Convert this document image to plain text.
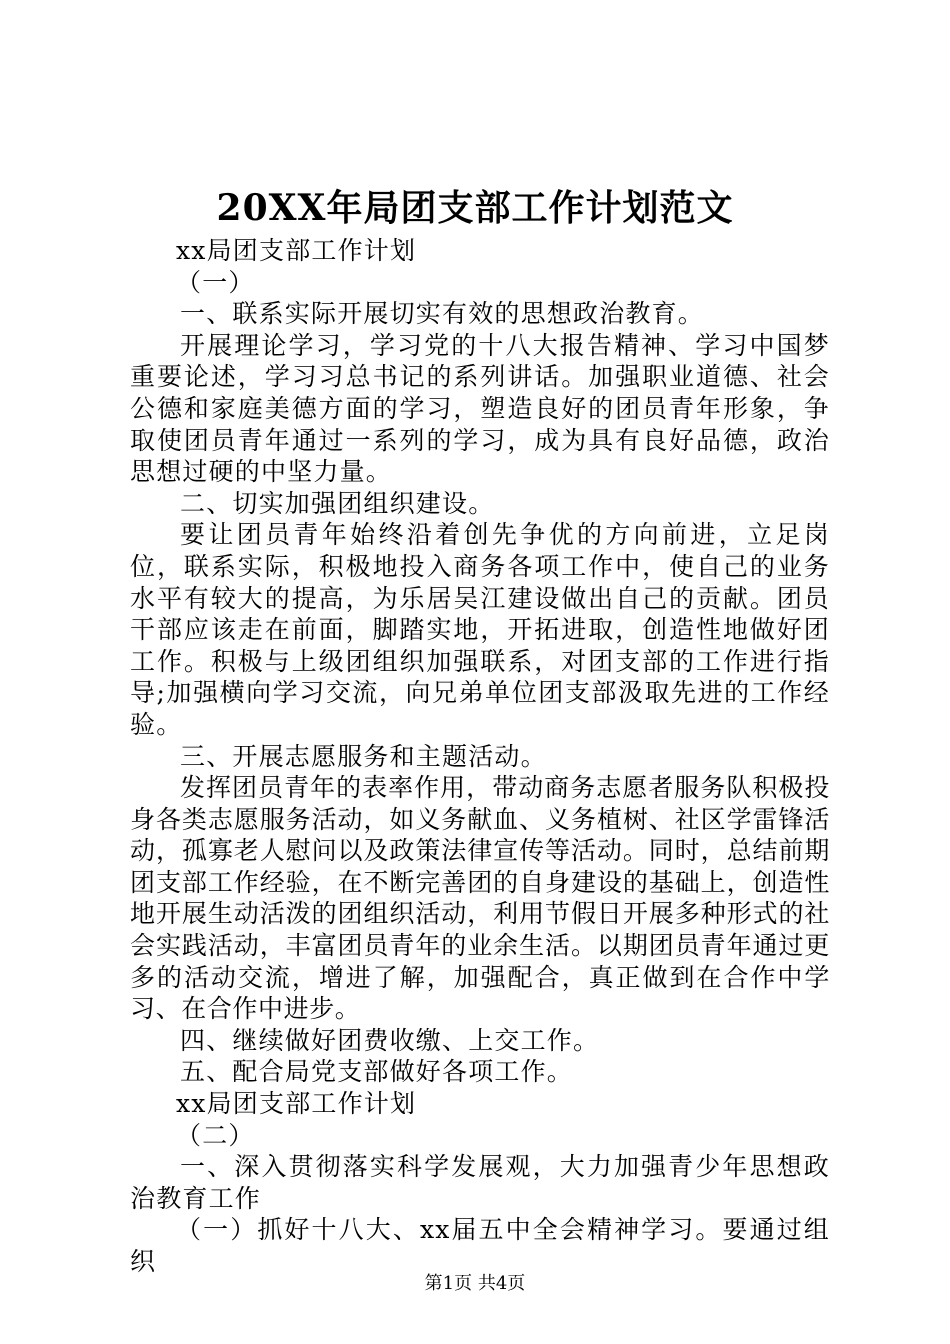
20XX年局团支部工作计划范文

xx局团支部工作计划

（一）

一、联系实际开展切实有效的思想政治教育。

开展理论学习，学习党的十八大报告精神、学习中国梦重要论述，学习习总书记的系列讲话。加强职业道德、社会公德和家庭美德方面的学习，塑造良好的团员青年形象，争取使团员青年通过一系列的学习，成为具有良好品德，政治思想过硬的中坚力量。

二、切实加强团组织建设。

要让团员青年始终沿着创先争优的方向前进，立足岗位，联系实际，积极地投入商务各项工作中，使自己的业务水平有较大的提高，为乐居吴江建设做出自己的贡献。团员干部应该走在前面，脚踏实地，开拓进取，创造性地做好团工作。积极与上级团组织加强联系，对团支部的工作进行指导;加强横向学习交流，向兄弟单位团支部汲取先进的工作经验。

三、开展志愿服务和主题活动。

发挥团员青年的表率作用，带动商务志愿者服务队积极投身各类志愿服务活动，如义务献血、义务植树、社区学雷锋活动，孤寡老人慰问以及政策法律宣传等活动。同时，总结前期团支部工作经验，在不断完善团的自身建设的基础上，创造性地开展生动活泼的团组织活动，利用节假日开展多种形式的社会实践活动，丰富团员青年的业余生活。以期团员青年通过更多的活动交流，增进了解，加强配合，真正做到在合作中学习、在合作中进步。

四、继续做好团费收缴、上交工作。

五、配合局党支部做好各项工作。

xx局团支部工作计划

（二）

一、深入贯彻落实科学发展观，大力加强青少年思想政治教育工作

（一）抓好十八大、xx届五中全会精神学习。要通过组织

第1页 共4页
